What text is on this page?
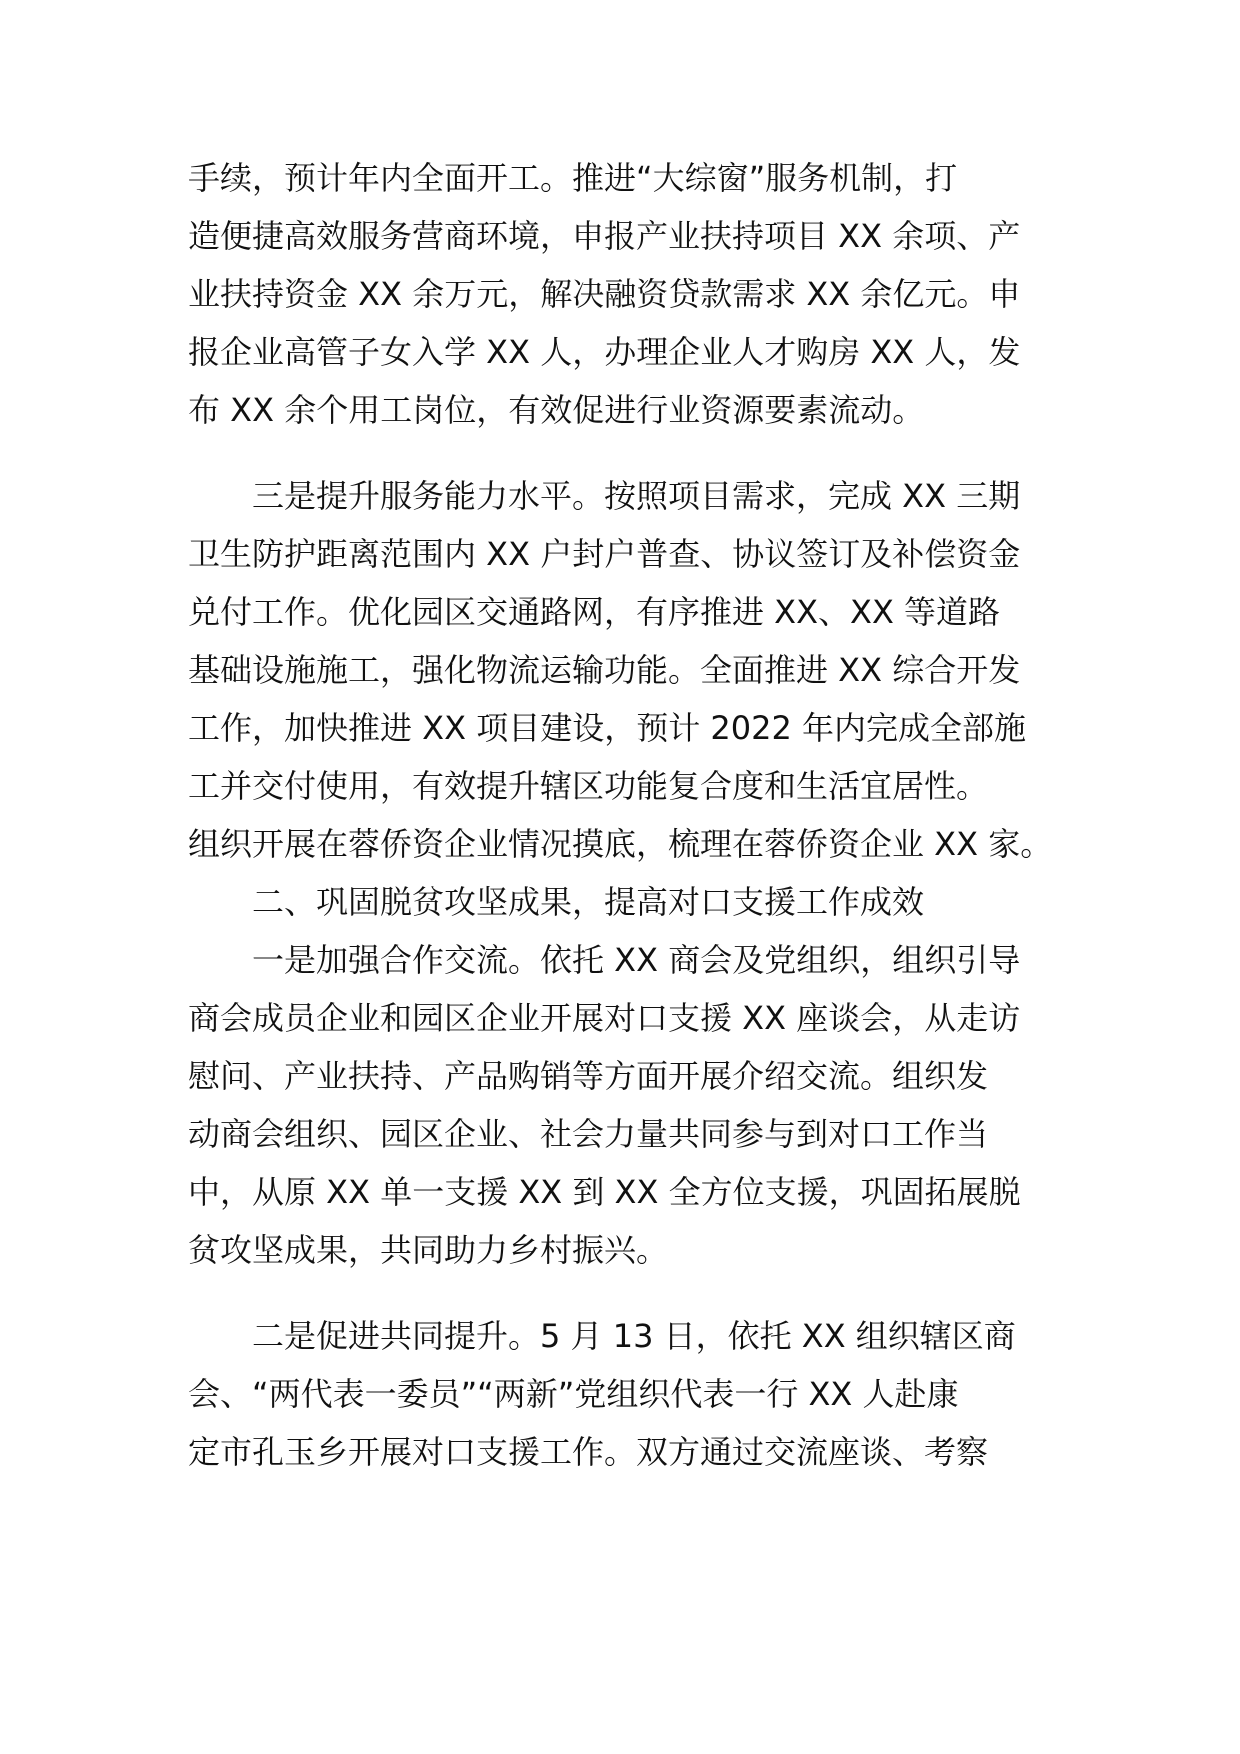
手续，预计年内全面开工。推进“大综窗”服务机制，打
造便捷高效服务营商环境，申报产业扶持项目 XX 余项、产
业扶持资金 XX 余万元，解决融资贷款需求 XX 余亿元。申
报企业高管子女入学 XX 人，办理企业人才购房 XX 人，发
布 XX 余个用工岗位，有效促进行业资源要素流动。
三是提升服务能力水平。按照项目需求，完成 XX 三期
卫生防护距离范围内 XX 户封户普查、协议签订及补偿资金
兑付工作。优化园区交通路网，有序推进 XX、XX 等道路
基础设施施工，强化物流运输功能。全面推进 XX 综合开发
工作，加快推进 XX 项目建设，预计 2022 年内完成全部施
工并交付使用，有效提升辖区功能复合度和生活宜居性。
组织开展在蓉侨资企业情况摸底，梳理在蓉侨资企业 XX 家。
二、巩固脱贫攻坚成果，提高对口支援工作成效
一是加强合作交流。依托 XX 商会及党组织，组织引导
商会成员企业和园区企业开展对口支援 XX 座谈会，从走访
慰问、产业扶持、产品购销等方面开展介绍交流。组织发
动商会组织、园区企业、社会力量共同参与到对口工作当
中，从原 XX 单一支援 XX 到 XX 全方位支援，巩固拓展脱
贫攻坚成果，共同助力乡村振兴。
二是促进共同提升。5 月 13 日，依托 XX 组织辖区商
会、“两代表一委员”“两新”党组织代表一行 XX 人赴康
定市孔玉乡开展对口支援工作。双方通过交流座谈、考察
